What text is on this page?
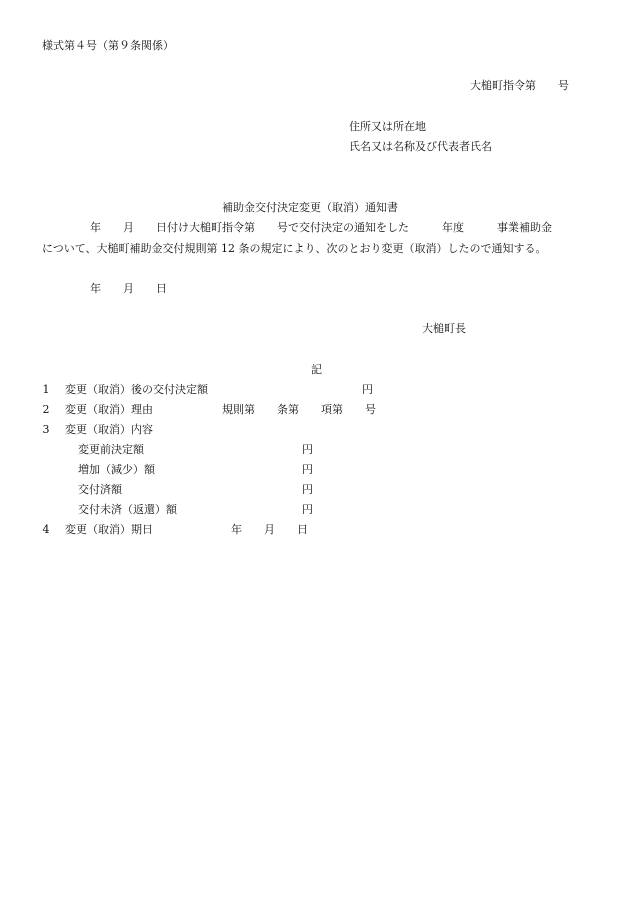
様式第４号（第９条関係）
大槌町指令第　　号
住所又は所在地
氏名又は名称及び代表者氏名
補助金交付決定変更（取消）通知書
年　　月　　日付け大槌町指令第　　号で交付決定の通知をした　　　年度　　　事業補助金
について、大槌町補助金交付規則第 12 条の規定により、次のとおり変更（取消）したので通知する。
年　　月　　日
大槌町長
記
1	変更（取消）後の交付決定額	円
2	変更（取消）理由	規則第　　条第　　項第　　号
3	変更（取消）内容
変更前決定額	円
増加（減少）額	円
交付済額	円
交付未済（返還）額	円
4	変更（取消）期日	年　　月　　日
